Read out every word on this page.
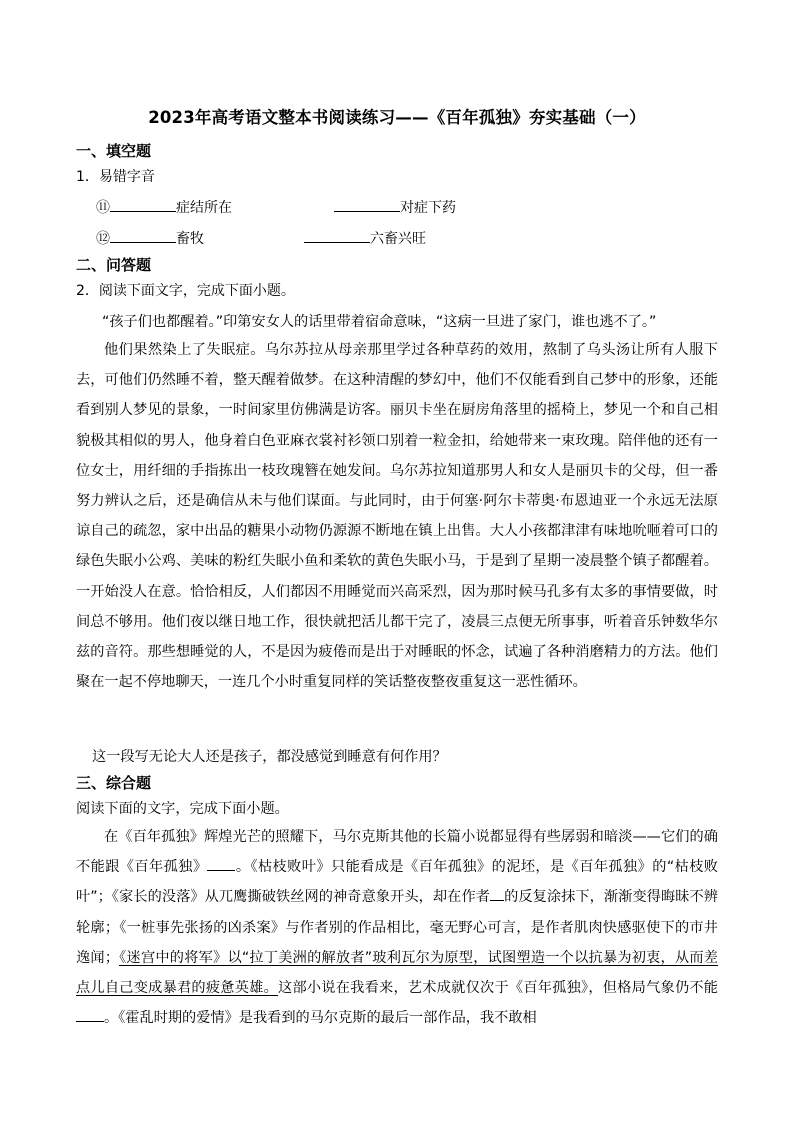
2023年高考语文整本书阅读练习——《百年孤独》夯实基础（一）
一、填空题
1．易错字音
⑪	症结所在	对症下药
⑫	畜牧	六畜兴旺
二、问答题
2．阅读下面文字，完成下面小题。
“孩子们也都醒着。”印第安女人的话里带着宿命意味，“这病一旦进了家门，谁也逃不了。”

他们果然染上了失眠症。乌尔苏拉从母亲那里学过各种草药的效用，熬制了乌头汤让所有人服下去，可他们仍然睡不着，整天醒着做梦。在这种清醒的梦幻中，他们不仅能看到自己梦中的形象，还能看到别人梦见的景象，一时间家里仿佛满是访客。丽贝卡坐在厨房角落里的摇椅上，梦见一个和自己相貌极其相似的男人，他身着白色亚麻衣裳衬衫领口别着一粒金扣，给她带来一束玫瑰。陪伴他的还有一位女士，用纤细的手指拣出一枝玫瑰簪在她发间。乌尔苏拉知道那男人和女人是丽贝卡的父母，但一番努力辨认之后，还是确信从未与他们谋面。与此同时，由于何塞·阿尔卡蒂奥·布恩迪亚一个永远无法原谅自己的疏忽，家中出品的糖果小动物仍源源不断地在镇上出售。大人小孩都津津有味地吮咂着可口的绿色失眠小公鸡、美味的粉红失眠小鱼和柔软的黄色失眠小马，于是到了星期一凌晨整个镇子都醒着。一开始没人在意。恰恰相反，人们都因不用睡觉而兴高采烈，因为那时候马孔多有太多的事情要做，时间总不够用。他们夜以继日地工作，很快就把活儿都干完了，凌晨三点便无所事事，听着音乐钟数华尔兹的音符。那些想睡觉的人，不是因为疲倦而是出于对睡眠的怀念，试遍了各种消磨精力的方法。他们聚在一起不停地聊天，一连几个小时重复同样的笑话整夜整夜重复这一恶性循环。

这一段写无论大人还是孩子，都没感觉到睡意有何作用？
三、综合题
阅读下面的文字，完成下面小题。

在《百年孤独》辉煌光芒的照耀下，马尔克斯其他的长篇小说都显得有些孱弱和暗淡——它们的确不能跟《百年孤独》 。《枯枝败叶》只能看成是《百年孤独》的泥坯，是《百年孤独》的“枯枝败叶”；《家长的没落》从兀鹰撕破铁丝网的神奇意象开头，却在作者 的反复涂抹下，渐渐变得晦昧不辨轮廓；《一桩事先张扬的凶杀案》与作者别的作品相比，毫无野心可言，是作者肌肉快感驱使下的市井逸闻；《迷宫中的将军》以“拉丁美洲的解放者”玻利瓦尔为原型，试图塑造一个以抗暴为初衷，从而差点儿自己变成暴君的疲惫英雄。这部小说在我看来，艺术成就仅次于《百年孤独》，但格局气象仍不能。《霍乱时期的爱情》是我看到的马尔克斯的最后一部作品，我不敢相
